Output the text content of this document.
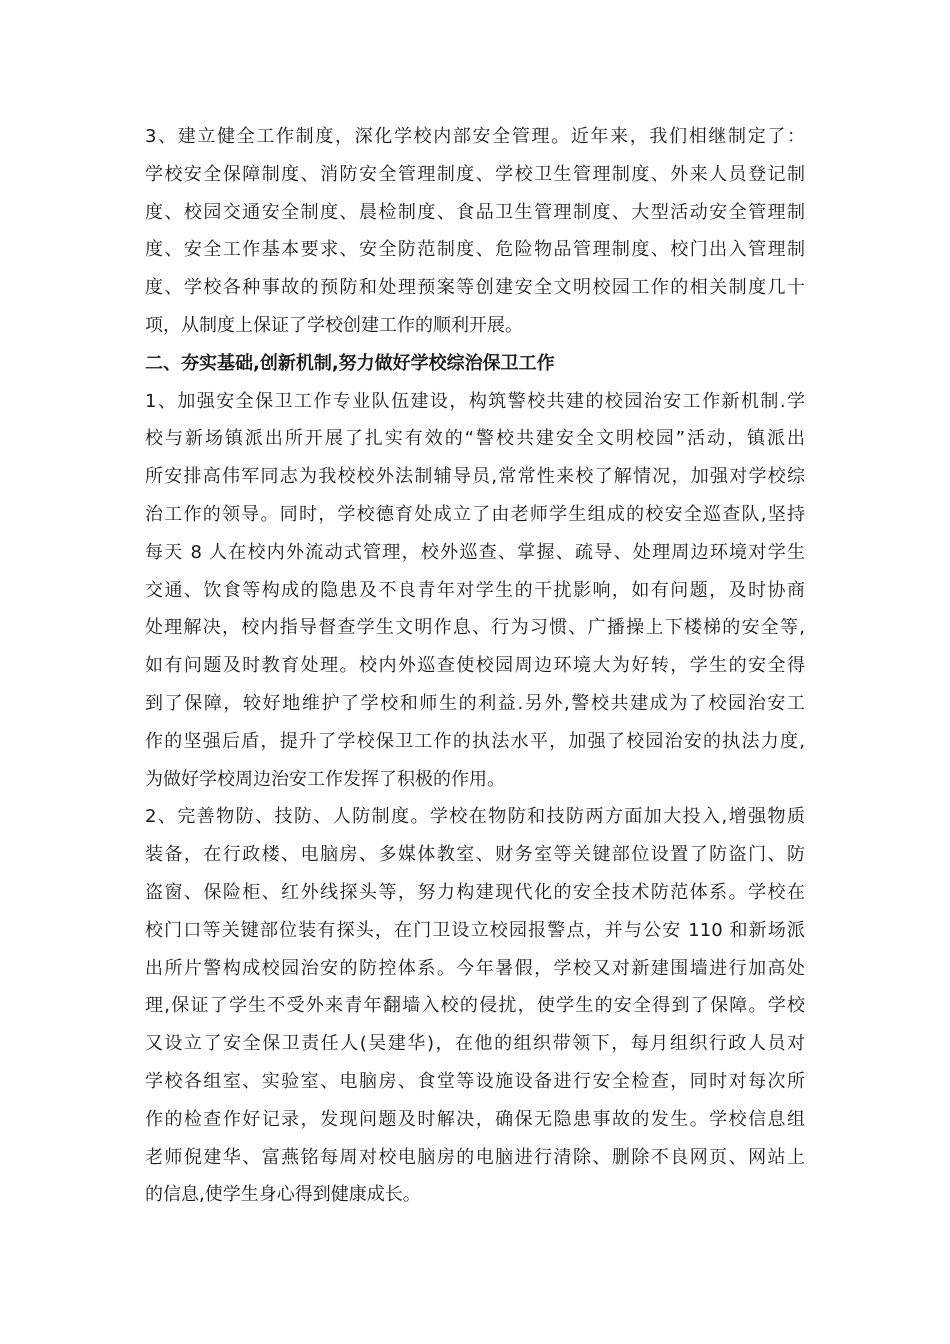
3、建立健全工作制度，深化学校内部安全管理。近年来，我们相继制定了：
学校安全保障制度、消防安全管理制度、学校卫生管理制度、外来人员登记制
度、校园交通安全制度、晨检制度、食品卫生管理制度、大型活动安全管理制
度、安全工作基本要求、安全防范制度、危险物品管理制度、校门出入管理制
度、学校各种事故的预防和处理预案等创建安全文明校园工作的相关制度几十
项，从制度上保证了学校创建工作的顺利开展。
二、夯实基础,创新机制,努力做好学校综治保卫工作
1、加强安全保卫工作专业队伍建设，构筑警校共建的校园治安工作新机制.学
校与新场镇派出所开展了扎实有效的“警校共建安全文明校园”活动，镇派出
所安排高伟军同志为我校校外法制辅导员,常常性来校了解情况，加强对学校综
治工作的领导。同时，学校德育处成立了由老师学生组成的校安全巡查队,坚持
每天 8 人在校内外流动式管理，校外巡查、掌握、疏导、处理周边环境对学生
交通、饮食等构成的隐患及不良青年对学生的干扰影响，如有问题，及时协商
处理解决，校内指导督查学生文明作息、行为习惯、广播操上下楼梯的安全等,
如有问题及时教育处理。校内外巡查使校园周边环境大为好转，学生的安全得
到了保障，较好地维护了学校和师生的利益.另外,警校共建成为了校园治安工
作的坚强后盾，提升了学校保卫工作的执法水平，加强了校园治安的执法力度,
为做好学校周边治安工作发挥了积极的作用。
2、完善物防、技防、人防制度。学校在物防和技防两方面加大投入,增强物质
装备，在行政楼、电脑房、多媒体教室、财务室等关键部位设置了防盗门、防
盗窗、保险柜、红外线探头等，努力构建现代化的安全技术防范体系。学校在
校门口等关键部位装有探头，在门卫设立校园报警点，并与公安 110 和新场派
出所片警构成校园治安的防控体系。今年暑假，学校又对新建围墙进行加高处
理,保证了学生不受外来青年翻墙入校的侵扰，使学生的安全得到了保障。学校
又设立了安全保卫责任人(吴建华)，在他的组织带领下，每月组织行政人员对
学校各组室、实验室、电脑房、食堂等设施设备进行安全检查，同时对每次所
作的检查作好记录，发现问题及时解决，确保无隐患事故的发生。学校信息组
老师倪建华、富燕铭每周对校电脑房的电脑进行清除、删除不良网页、网站上
的信息,使学生身心得到健康成长。
